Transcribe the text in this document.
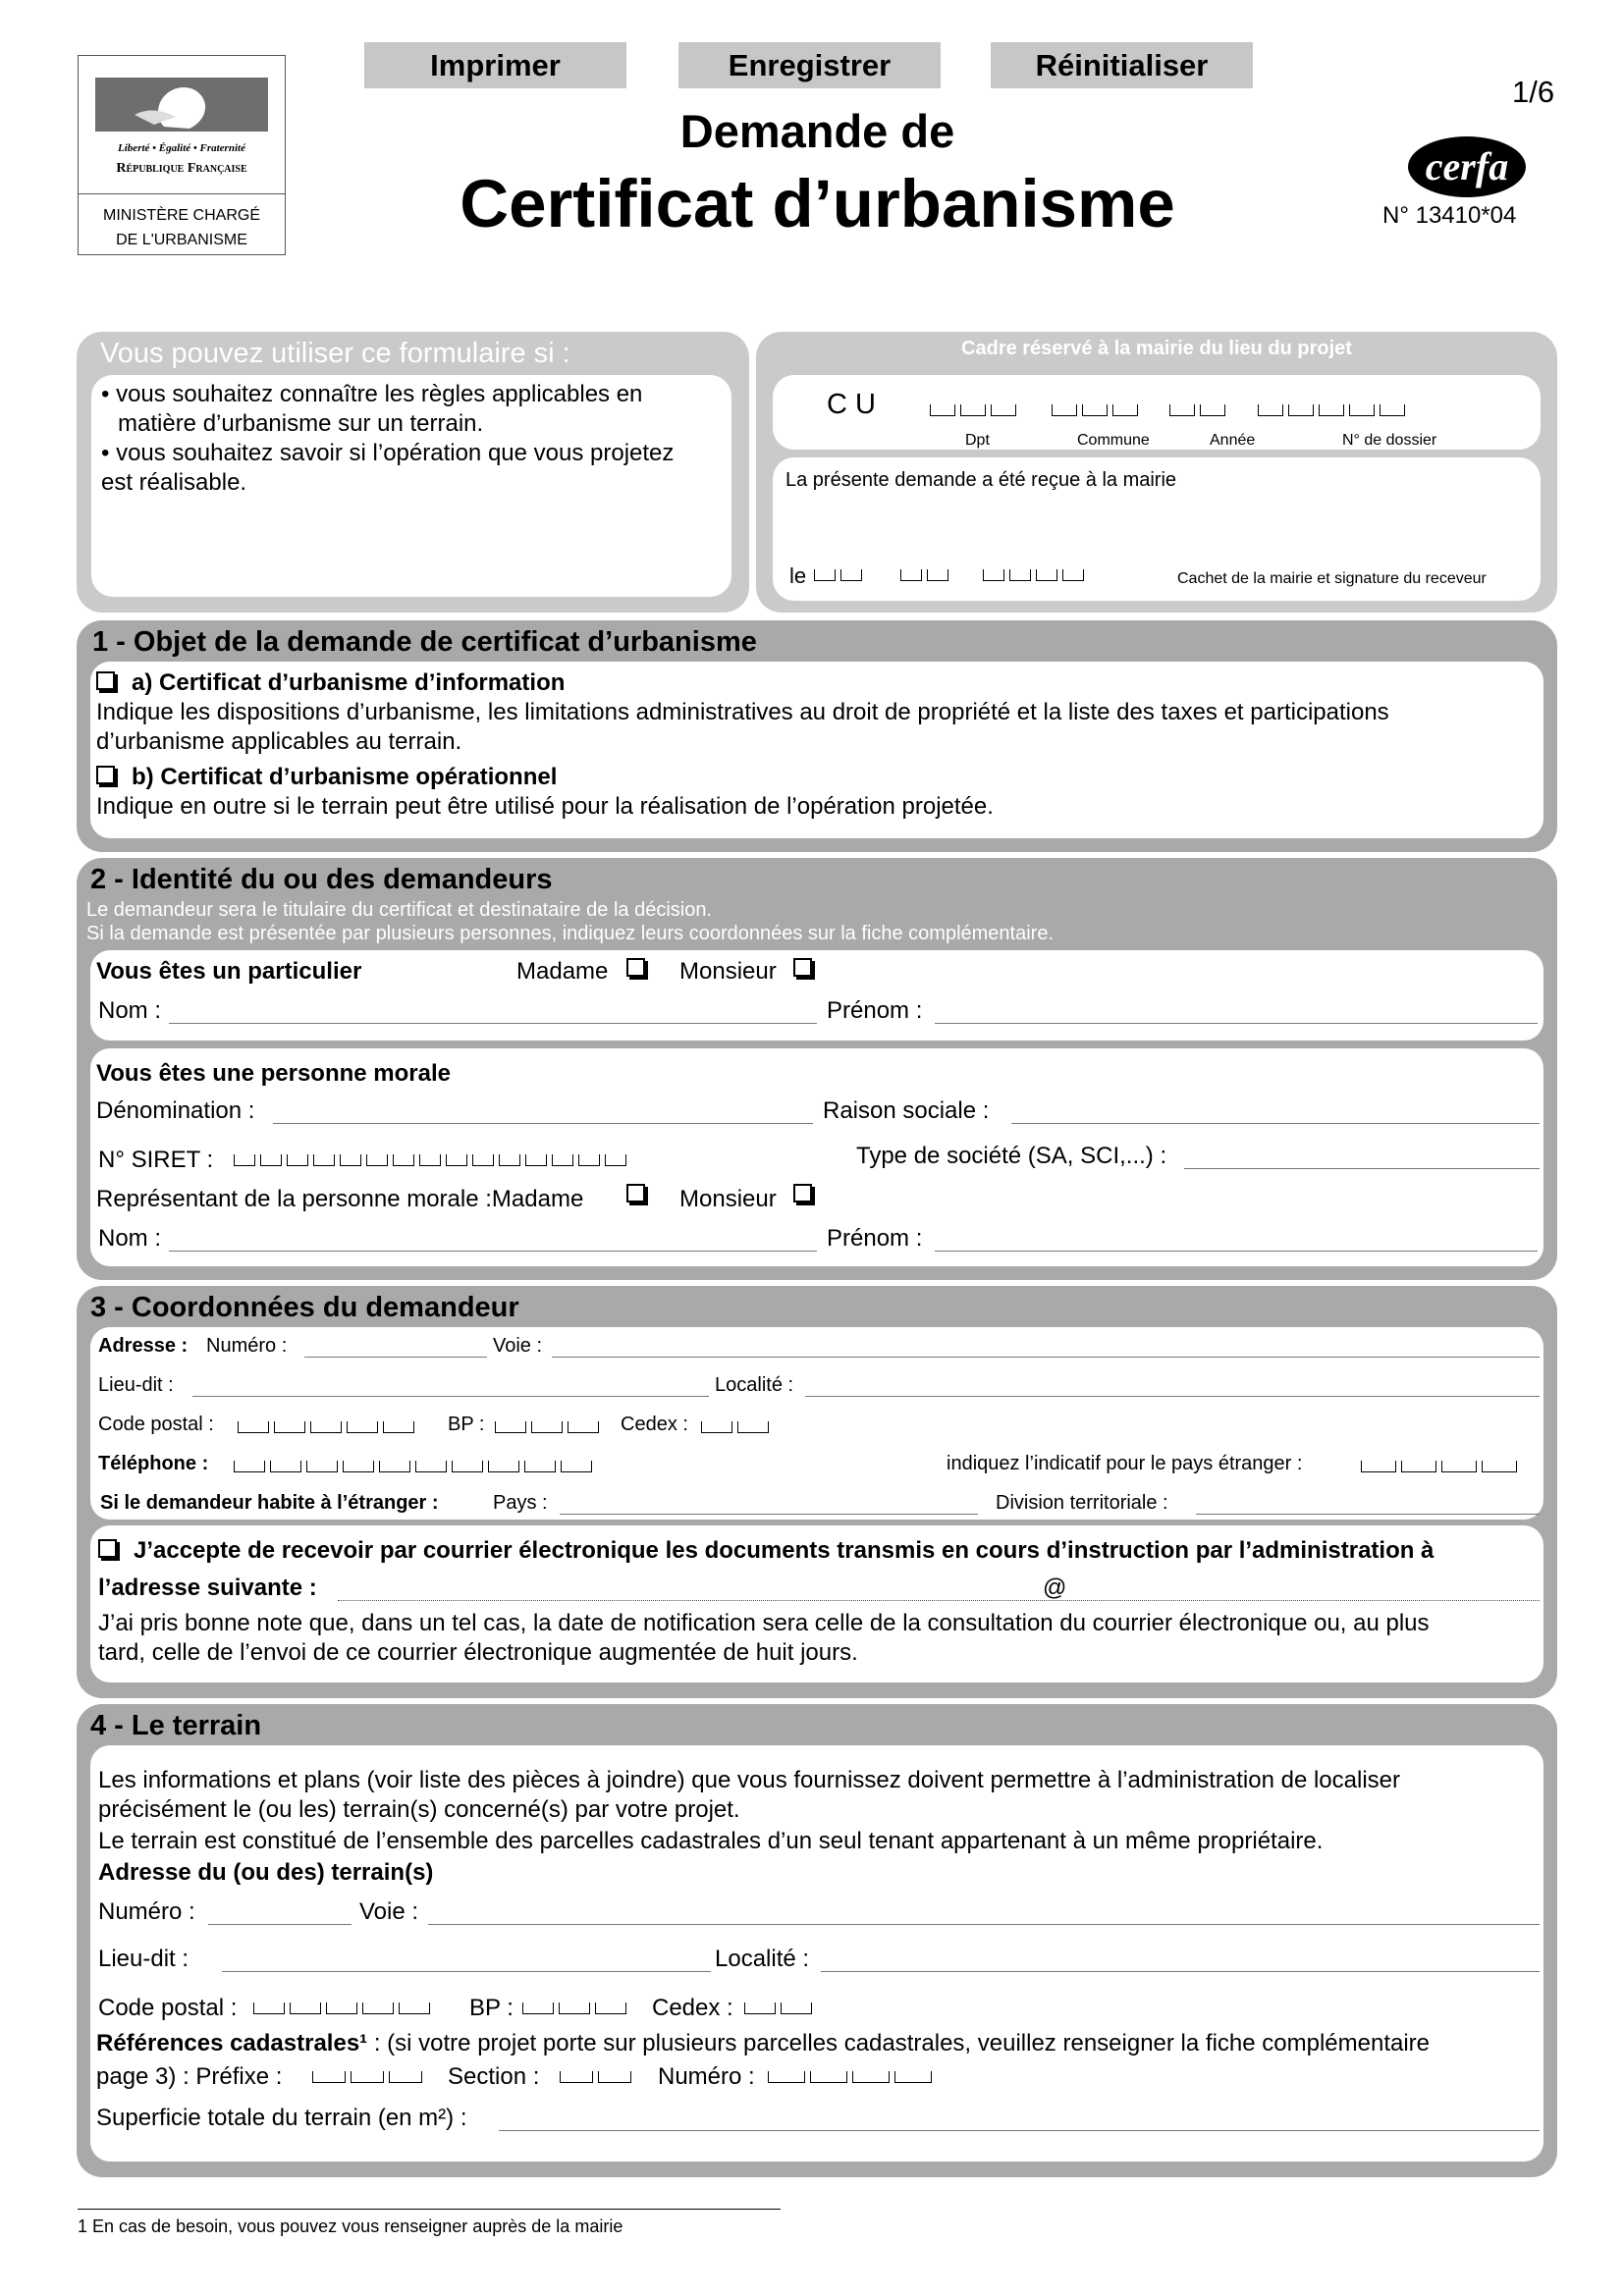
Imprimer	Enregistrer	Réinitialiser
Liberté • Égalité • Fraternité
République Française
MINISTÈRE CHARGÉ
DE L'URBANISME
Demande de
Certificat d’urbanisme
1/6
cerfa
N° 13410*04
Vous pouvez utiliser ce formulaire si :
• vous souhaitez connaître les règles applicables en
matière d’urbanisme sur un terrain.
• vous souhaitez savoir si l’opération que vous projetez
est réalisable.
Cadre réservé à la mairie du lieu du projet
C U
Dpt	Commune	Année	N° de dossier
La présente demande a été reçue à la mairie
le	Cachet de la mairie et signature du receveur
1 - Objet de la demande de certificat d’urbanisme
a) Certificat d’urbanisme d’information
Indique les dispositions d’urbanisme, les limitations administratives au droit de propriété et la liste des taxes et participations
d’urbanisme applicables au terrain.
b) Certificat d’urbanisme opérationnel
Indique en outre si le terrain peut être utilisé pour la réalisation de l’opération projetée.
2 - Identité du ou des demandeurs
Le demandeur sera le titulaire du certificat et destinataire de la décision.
Si la demande est présentée par plusieurs personnes, indiquez leurs coordonnées sur la fiche complémentaire.
Vous êtes un particulier	Madame	Monsieur
Nom :	Prénom :
Vous êtes une personne morale
Dénomination :	Raison sociale :
N° SIRET :	Type de société (SA, SCI,...) :
Représentant de la personne morale :Madame	Monsieur
Nom :	Prénom :
3 - Coordonnées du demandeur
Adresse : Numéro :	Voie :
Lieu-dit :	Localité :
Code postal :	BP :	Cedex :
Téléphone :	indiquez l’indicatif pour le pays étranger :
Si le demandeur habite à l’étranger :	Pays :	Division territoriale :
J’accepte de recevoir par courrier électronique les documents transmis en cours d’instruction par l’administration à
l’adresse suivante :	@
J’ai pris bonne note que, dans un tel cas, la date de notification sera celle de la consultation du courrier électronique ou, au plus
tard, celle de l’envoi de ce courrier électronique augmentée de huit jours.
4 - Le terrain
Les informations et plans (voir liste des pièces à joindre) que vous fournissez doivent permettre à l’administration de localiser
précisément le (ou les) terrain(s) concerné(s) par votre projet.
Le terrain est constitué de l’ensemble des parcelles cadastrales d’un seul tenant appartenant à un même propriétaire.
Adresse du (ou des) terrain(s)
Numéro :	Voie :
Lieu-dit :	Localité :
Code postal :	BP :	Cedex :
Références cadastrales¹ : (si votre projet porte sur plusieurs parcelles cadastrales, veuillez renseigner la fiche complémentaire
page 3) : Préfixe :	Section :	Numéro :
Superficie totale du terrain (en m²) :
1 En cas de besoin, vous pouvez vous renseigner auprès de la mairie
